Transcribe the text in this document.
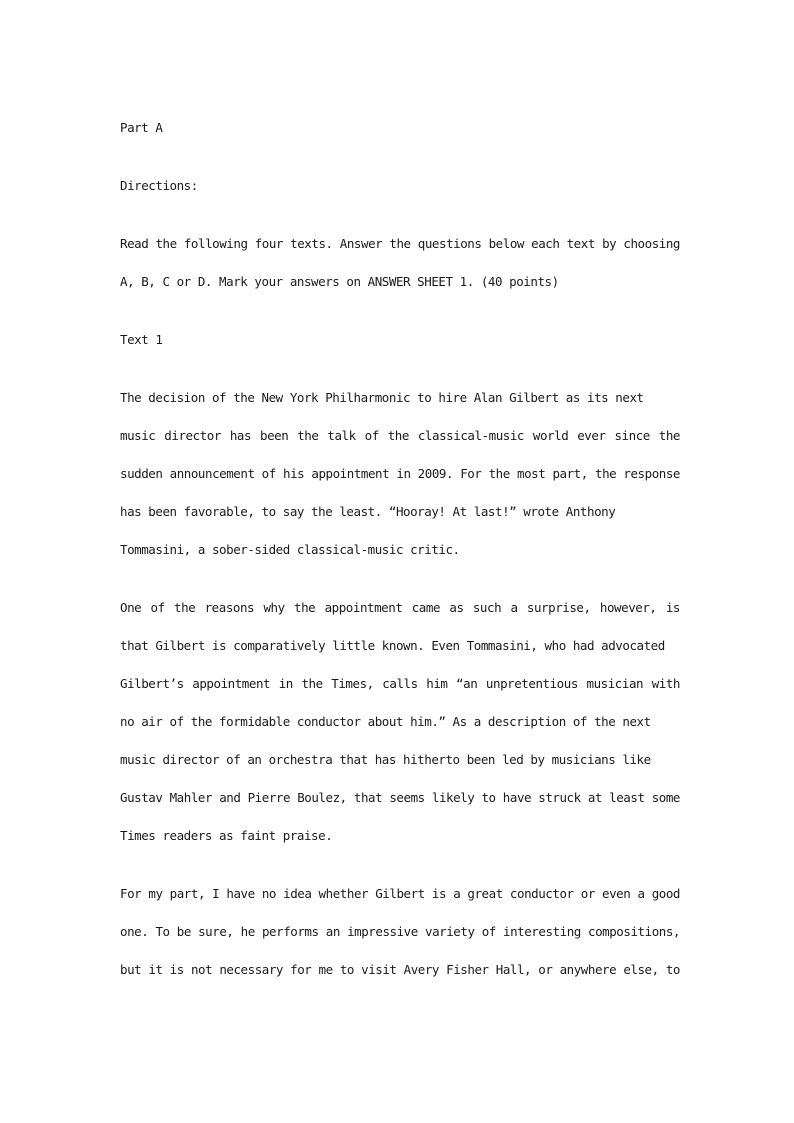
Part A
Directions:
Read the following four texts. Answer the questions below each text by choosing
A, B, C or D. Mark your answers on ANSWER SHEET 1. (40 points)
Text 1
The decision of the New York Philharmonic to hire Alan Gilbert as its next
music director has been the talk of the classical-music world ever since the
sudden announcement of his appointment in 2009. For the most part, the response
has been favorable, to say the least. “Hooray! At last!” wrote Anthony
Tommasini, a sober-sided classical-music critic.
One of the reasons why the appointment came as such a surprise, however, is
that Gilbert is comparatively little known. Even Tommasini, who had advocated
Gilbert’s appointment in the Times, calls him “an unpretentious musician with
no air of the formidable conductor about him.” As a description of the next
music director of an orchestra that has hitherto been led by musicians like
Gustav Mahler and Pierre Boulez, that seems likely to have struck at least some
Times readers as faint praise.
For my part, I have no idea whether Gilbert is a great conductor or even a good
one. To be sure, he performs an impressive variety of interesting compositions,
but it is not necessary for me to visit Avery Fisher Hall, or anywhere else, to
